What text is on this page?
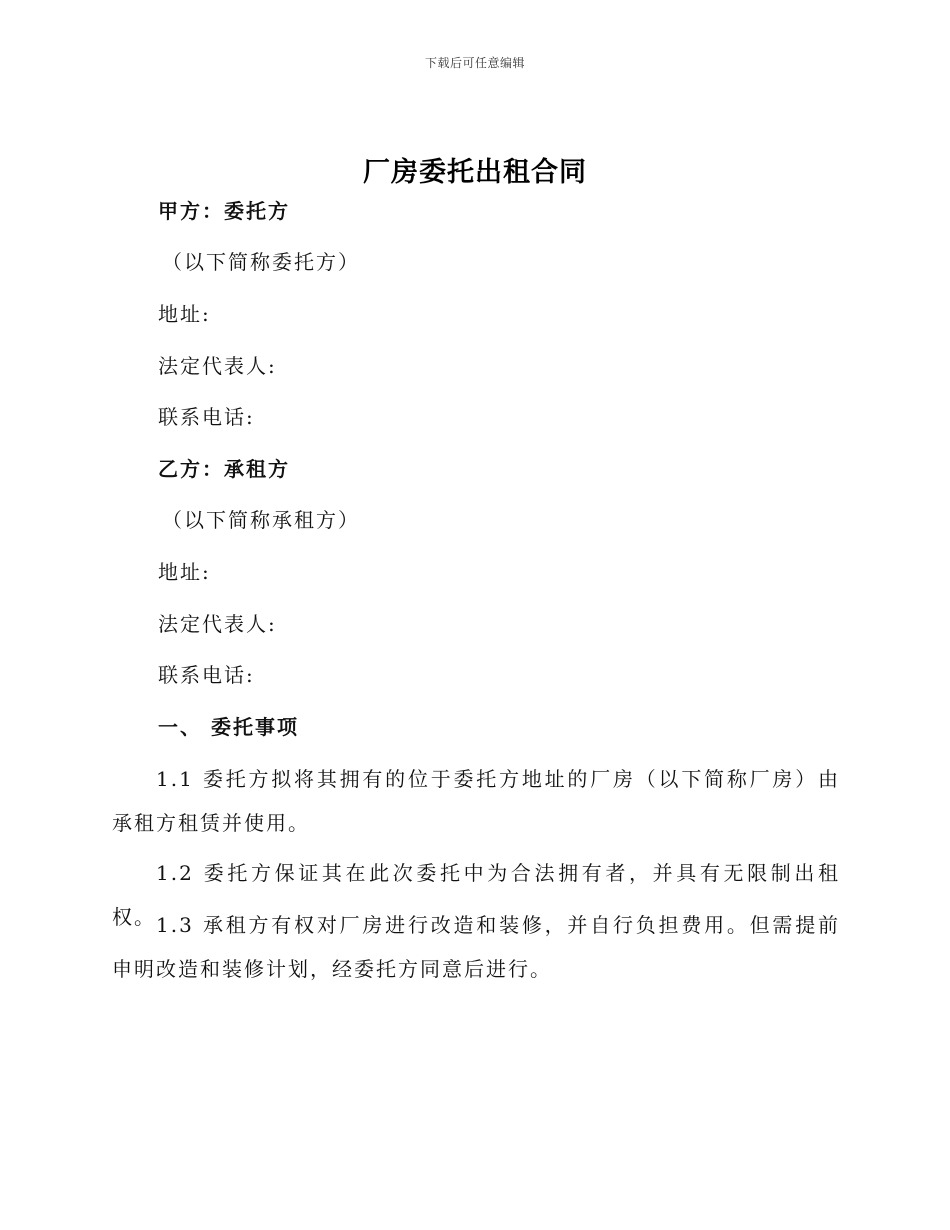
下载后可任意编辑
厂房委托出租合同
甲方：委托方
（以下简称委托方）
地址:
法定代表人:
联系电话:
乙方：承租方
（以下简称承租方）
地址:
法定代表人:
联系电话:
一、 委托事项
1.1 委托方拟将其拥有的位于委托方地址的厂房（以下简称厂房）由承租方租赁并使用。
1.2 委托方保证其在此次委托中为合法拥有者，并具有无限制出租权。 1.3 承租方有权对厂房进行改造和装修，并自行负担费用。但需提前申明改造和装修计划，经委托方同意后进行。
